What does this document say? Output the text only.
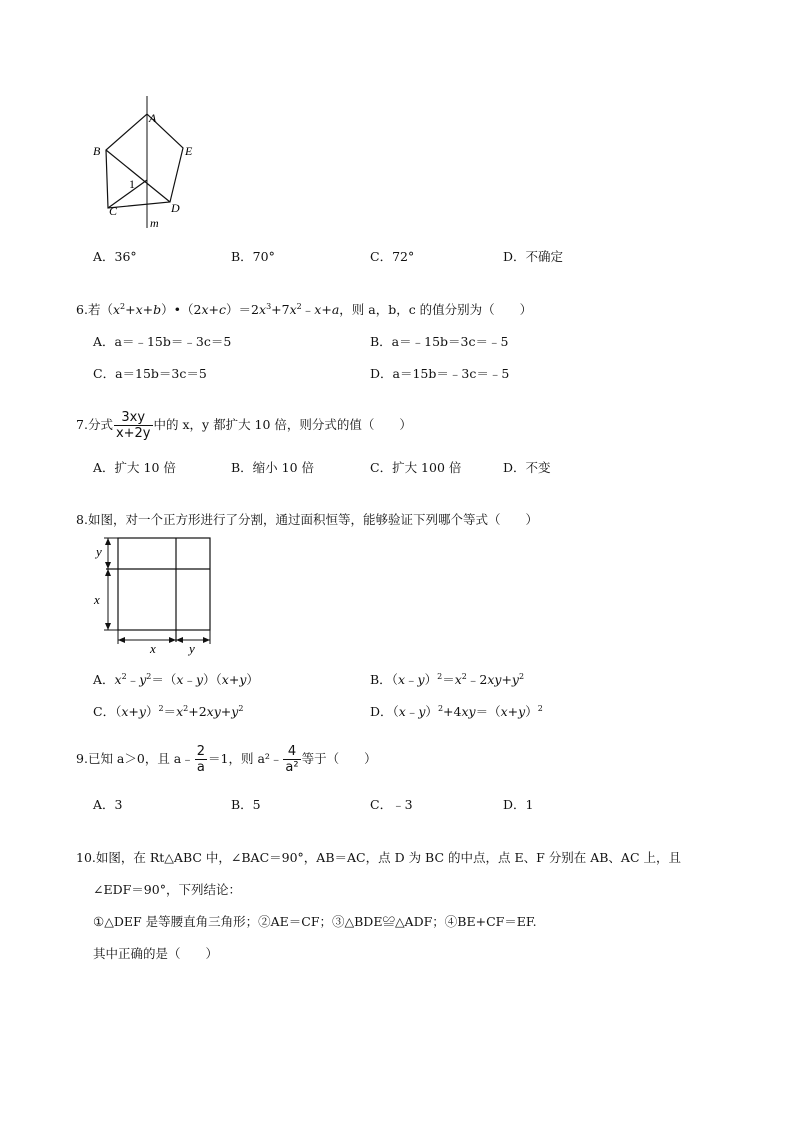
A
B	E
C	D
1
m
A．36°	B．70°	C．72°	D．不确定
6.若$(x^2+x+b)•(2x+c)=2x^3+7x^2﹣x+a$，则 a，b，c 的值分别为（　　）
A．a＝﹣15b＝﹣3c＝5	B．a＝﹣15b＝3c＝﹣5
C．a＝15b＝3c＝5	D．a＝15b＝﹣3c＝﹣5
7.分式 $\frac{3xy}{x+2y}$ 中的 x，y 都扩大 10 倍，则分式的值（　　）
A．扩大 10 倍	B．缩小 10 倍	C．扩大 100 倍	D．不变
8.如图，对一个正方形进行了分割，通过面积恒等，能够验证下列哪个等式（　　）
y
x
x	y
A．$x^2﹣y^2=(x﹣y)(x+y)$	B．$(x﹣y)^2=x^2﹣2xy+y^2$
C．$(x+y)^2=x^2+2xy+y^2$	D．$(x﹣y)^2+4xy=(x+y)^2$
9.已知 a＞0，且 a﹣ $\frac{2}{a} =1$，则 a²﹣ $\frac{4}{\text{a²}}$ 等于（　　）
A．3	B．5	C．﹣3	D．1
10.如图，在 Rt△ABC 中，∠BAC＝90°，AB＝AC，点 D 为 BC 的中点，点 E、F 分别在 AB、AC 上，且
∠EDF＝90°，下列结论：
①△DEF 是等腰直角三角形；②AE＝CF；③△BDE≌△ADF；④BE+CF＝EF.
其中正确的是（　　）
